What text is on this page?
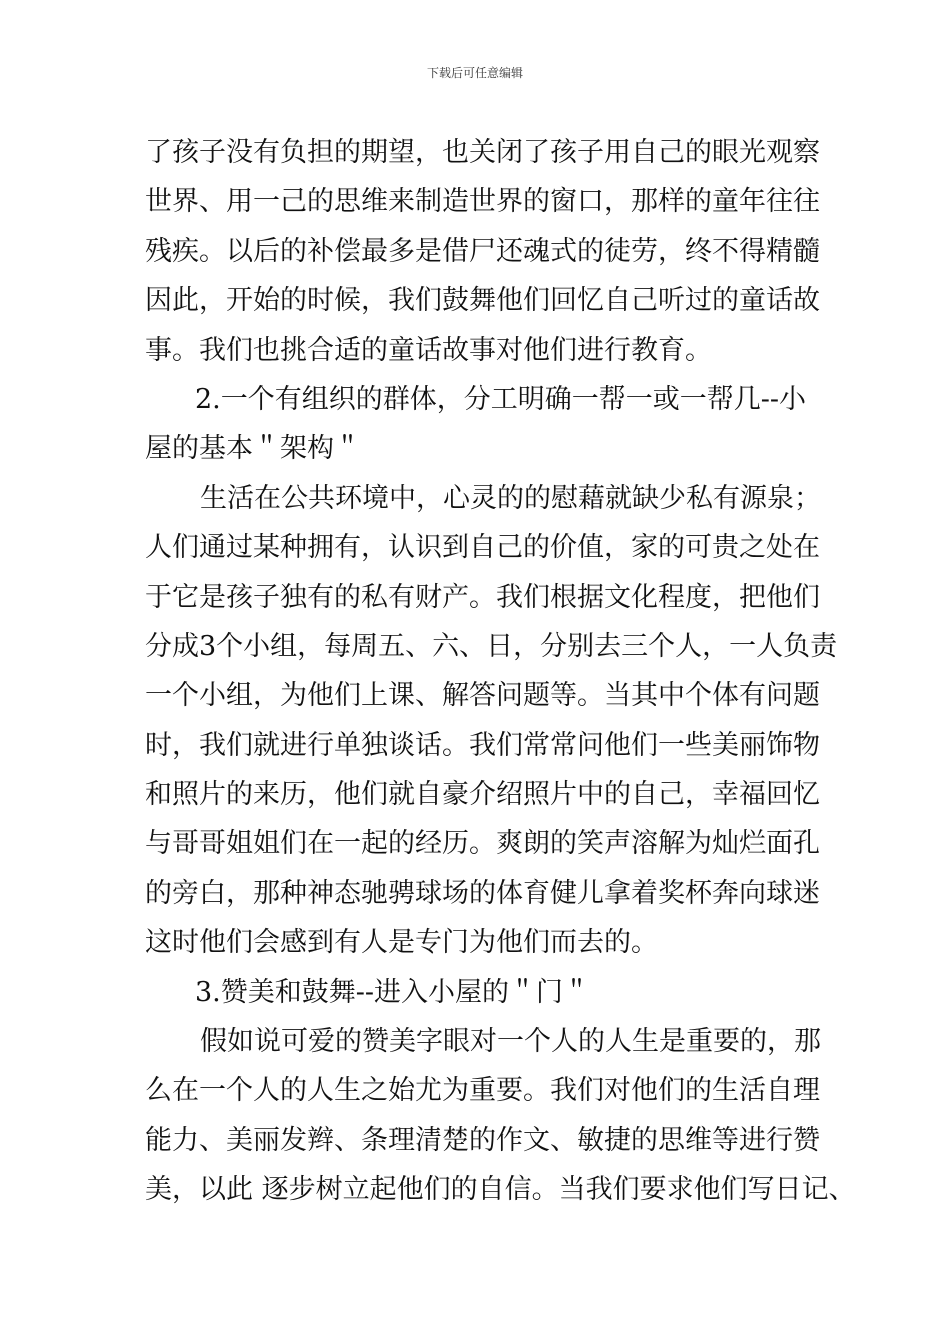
下载后可任意编辑
了孩子没有负担的期望，也关闭了孩子用自己的眼光观察
世界、用一己的思维来制造世界的窗口，那样的童年往往
残疾。以后的补偿最多是借尸还魂式的徒劳，终不得精髓
因此，开始的时候，我们鼓舞他们回忆自己听过的童话故
事。我们也挑合适的童话故事对他们进行教育。
2.一个有组织的群体，分工明确一帮一或一帮几--小
屋的基本＂架构＂
生活在公共环境中，心灵的的慰藉就缺少私有源泉；
人们通过某种拥有，认识到自己的价值，家的可贵之处在
于它是孩子独有的私有财产。我们根据文化程度，把他们
分成3个小组，每周五、六、日，分别去三个人，一人负责
一个小组，为他们上课、解答问题等。当其中个体有问题
时，我们就进行单独谈话。我们常常问他们一些美丽饰物
和照片的来历，他们就自豪介绍照片中的自己，幸福回忆
与哥哥姐姐们在一起的经历。爽朗的笑声溶解为灿烂面孔
的旁白，那种神态驰骋球场的体育健儿拿着奖杯奔向球迷
这时他们会感到有人是专门为他们而去的。
3.赞美和鼓舞--进入小屋的＂门＂
假如说可爱的赞美字眼对一个人的人生是重要的，那
么在一个人的人生之始尤为重要。我们对他们的生活自理
能力、美丽发辫、条理清楚的作文、敏捷的思维等进行赞
美，以此 逐步树立起他们的自信。当我们要求他们写日记、
